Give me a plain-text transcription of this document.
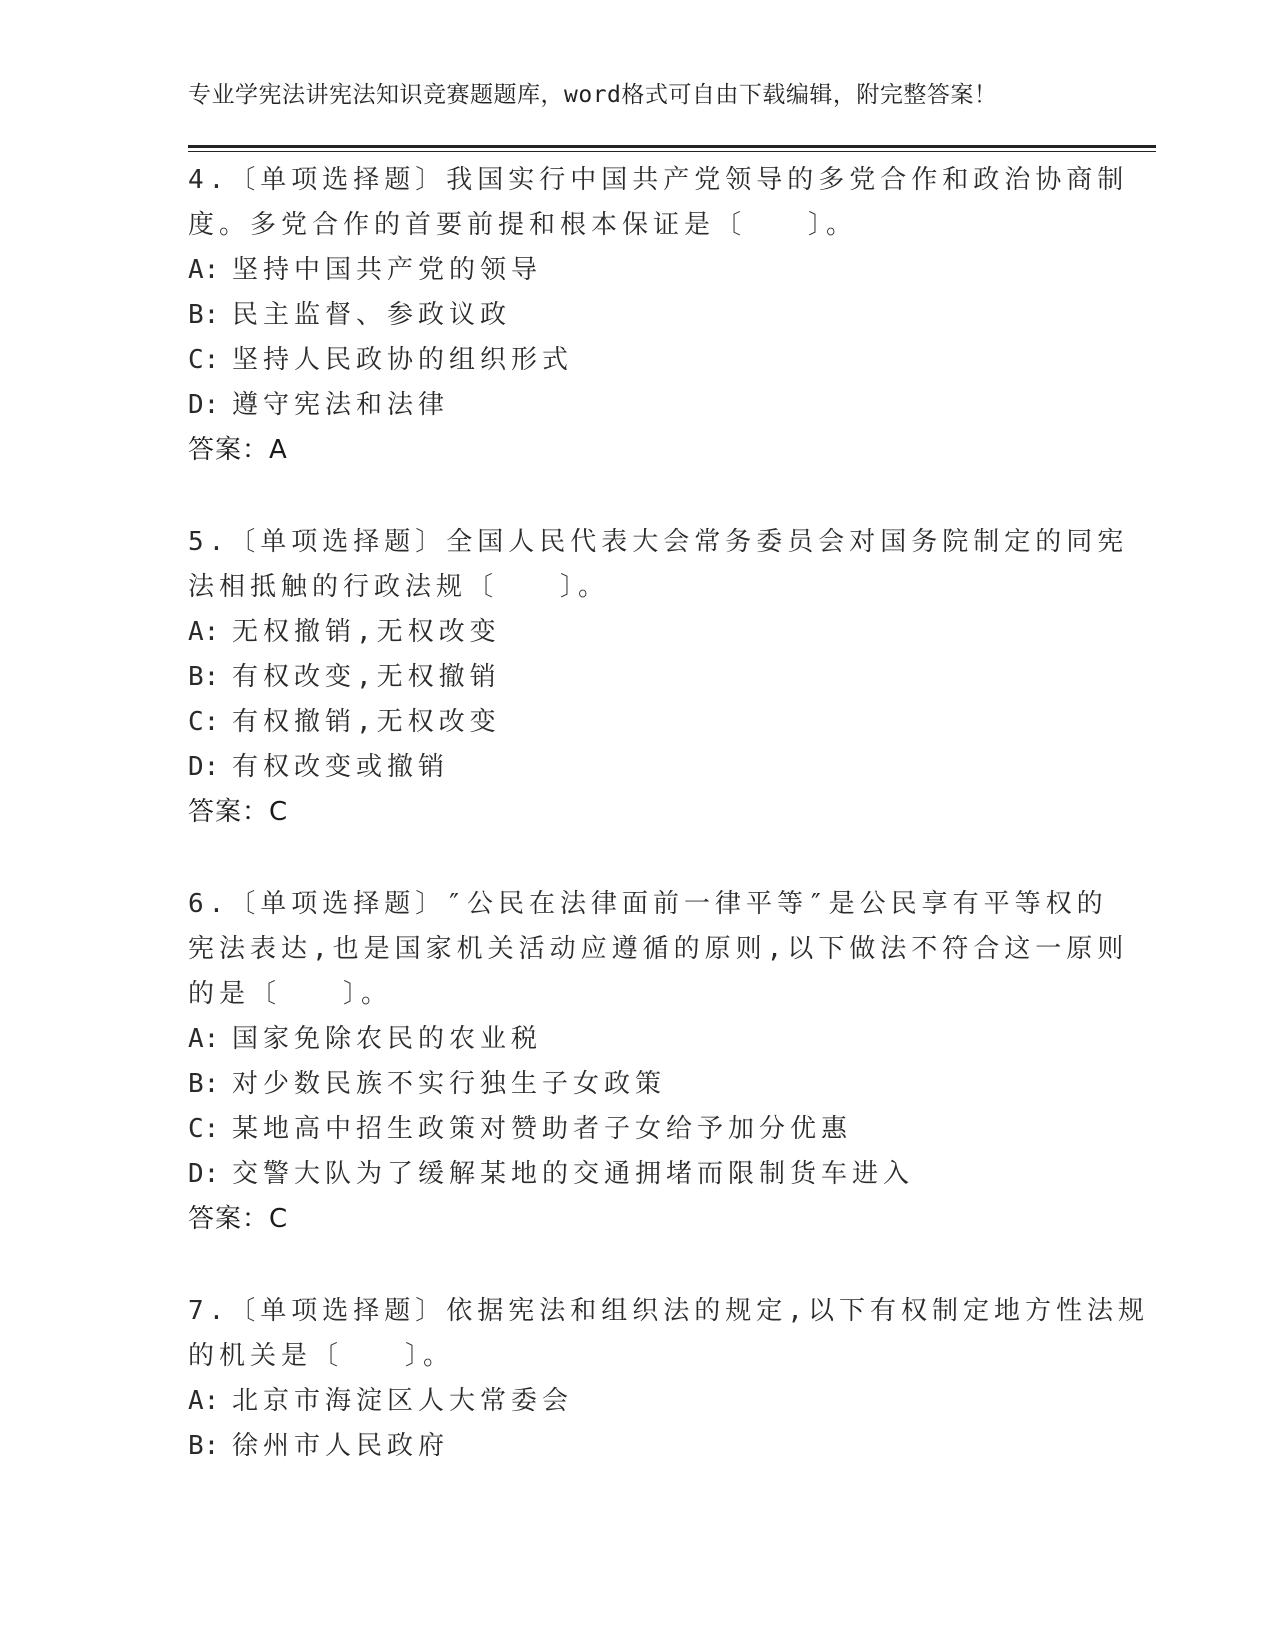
专业学宪法讲宪法知识竞赛题题库，word格式可自由下载编辑，附完整答案！
4.〔单项选择题〕我国实行中国共产党领导的多党合作和政治协商制
度。多党合作的首要前提和根本保证是〔　　〕。
A: 坚持中国共产党的领导
B: 民主监督、参政议政
C: 坚持人民政协的组织形式
D: 遵守宪法和法律
答案：A
5.〔单项选择题〕全国人民代表大会常务委员会对国务院制定的同宪
法相抵触的行政法规〔　　〕。
A: 无权撤销,无权改变
B: 有权改变,无权撤销
C: 有权撤销,无权改变
D: 有权改变或撤销
答案：C
6.〔单项选择题〕″公民在法律面前一律平等″是公民享有平等权的
宪法表达,也是国家机关活动应遵循的原则,以下做法不符合这一原则
的是〔　　〕。
A: 国家免除农民的农业税
B: 对少数民族不实行独生子女政策
C: 某地高中招生政策对赞助者子女给予加分优惠
D: 交警大队为了缓解某地的交通拥堵而限制货车进入
答案：C
7.〔单项选择题〕依据宪法和组织法的规定,以下有权制定地方性法规
的机关是〔　　〕。
A: 北京市海淀区人大常委会
B: 徐州市人民政府
